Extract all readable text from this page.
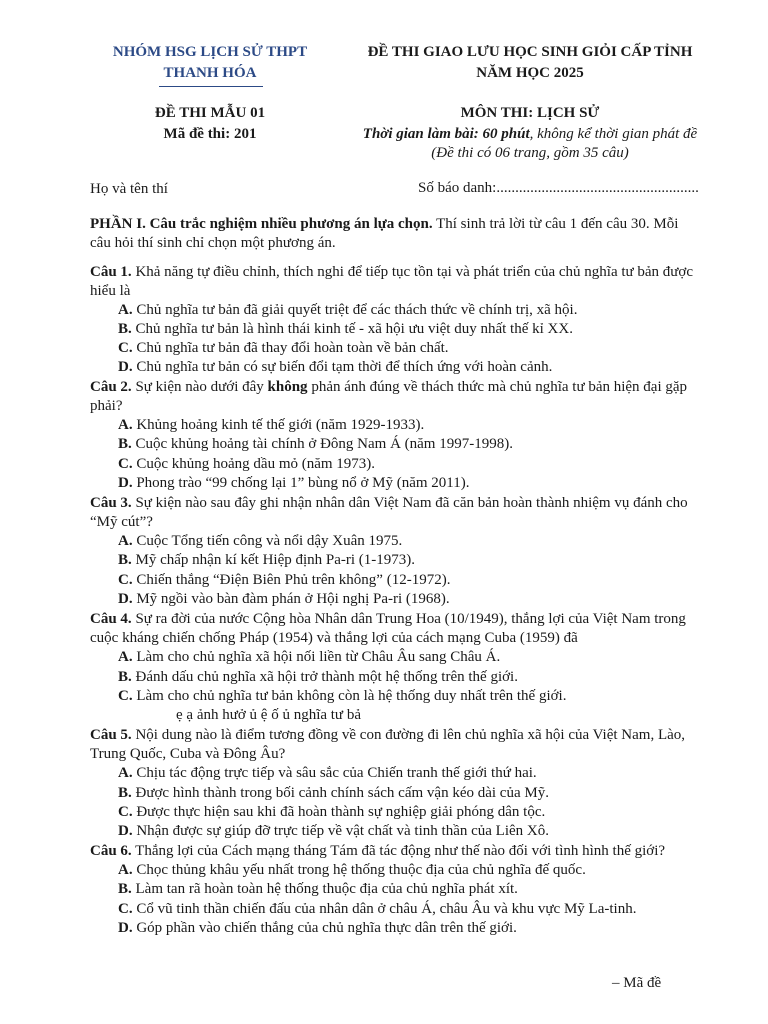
NHÓM HSG LỊCH SỬ THPT
THANH HÓA
ĐỀ THI GIAO LƯU HỌC SINH GIỎI CẤP TỈNH
NĂM HỌC 2025
ĐỀ THI MẪU 01
Mã đề thi: 201
MÔN THI: LỊCH SỬ
Thời gian làm bài: 60 phút, không kể thời gian phát đề
(Đề thi có 06 trang, gồm 35 câu)
Họ và tên thí	Số báo danh:......................................................
PHẦN I. Câu trắc nghiệm nhiều phương án lựa chọn. Thí sinh trả lời từ câu 1 đến câu 30. Mỗi
câu hỏi thí sinh chỉ chọn một phương án.
Câu 1. Khả năng tự điều chỉnh, thích nghi để tiếp tục tồn tại và phát triển của chủ nghĩa tư bản được
hiểu là
A. Chủ nghĩa tư bản đã giải quyết triệt để các thách thức về chính trị, xã hội.
B. Chủ nghĩa tư bản là hình thái kinh tế - xã hội ưu việt duy nhất thế kỉ XX.
C. Chủ nghĩa tư bản đã thay đổi hoàn toàn về bản chất.
D. Chủ nghĩa tư bản có sự biến đổi tạm thời để thích ứng với hoàn cảnh.
Câu 2. Sự kiện nào dưới đây không phản ánh đúng về thách thức mà chủ nghĩa tư bản hiện đại gặp
phải?
A. Khủng hoảng kinh tế thế giới (năm 1929-1933).
B. Cuộc khủng hoảng tài chính ở Đông Nam Á (năm 1997-1998).
C. Cuộc khủng hoảng dầu mỏ (năm 1973).
D. Phong trào “99 chống lại 1” bùng nổ ở Mỹ (năm 2011).
Câu 3. Sự kiện nào sau đây ghi nhận nhân dân Việt Nam đã căn bản hoàn thành nhiệm vụ đánh cho
“Mỹ cút”?
A. Cuộc Tổng tiến công và nổi dậy Xuân 1975.
B. Mỹ chấp nhận kí kết Hiệp định Pa-ri (1-1973).
C. Chiến thắng “Điện Biên Phủ trên không” (12-1972).
D. Mỹ ngồi vào bàn đàm phán ở Hội nghị Pa-ri (1968).
Câu 4. Sự ra đời của nước Cộng hòa Nhân dân Trung Hoa (10/1949), thắng lợi của Việt Nam trong
cuộc kháng chiến chống Pháp (1954) và thắng lợi của cách mạng Cuba (1959) đã
A. Làm cho chủ nghĩa xã hội nối liền từ Châu Âu sang Châu Á.
B. Đánh dấu chủ nghĩa xã hội trở thành một hệ thống trên thế giới.
C. Làm cho chủ nghĩa tư bản không còn là hệ thống duy nhất trên thế giới.
ẹ ạ ảnh hưở ủ ệ ố ủ nghĩa tư bả
Câu 5. Nội dung nào là điểm tương đồng về con đường đi lên chủ nghĩa xã hội của Việt Nam, Lào,
Trung Quốc, Cuba và Đông Âu?
A. Chịu tác động trực tiếp và sâu sắc của Chiến tranh thế giới thứ hai.
B. Được hình thành trong bối cảnh chính sách cấm vận kéo dài của Mỹ.
C. Được thực hiện sau khi đã hoàn thành sự nghiệp giải phóng dân tộc.
D. Nhận được sự giúp đỡ trực tiếp về vật chất và tinh thần của Liên Xô.
Câu 6. Thắng lợi của Cách mạng tháng Tám đã tác động như thế nào đối với tình hình thế giới?
A. Chọc thủng khâu yếu nhất trong hệ thống thuộc địa của chủ nghĩa đế quốc.
B. Làm tan rã hoàn toàn hệ thống thuộc địa của chủ nghĩa phát xít.
C. Cổ vũ tinh thần chiến đấu của nhân dân ở châu Á, châu Âu và khu vực Mỹ La-tinh.
D. Góp phần vào chiến thắng của chủ nghĩa thực dân trên thế giới.
– Mã đề
